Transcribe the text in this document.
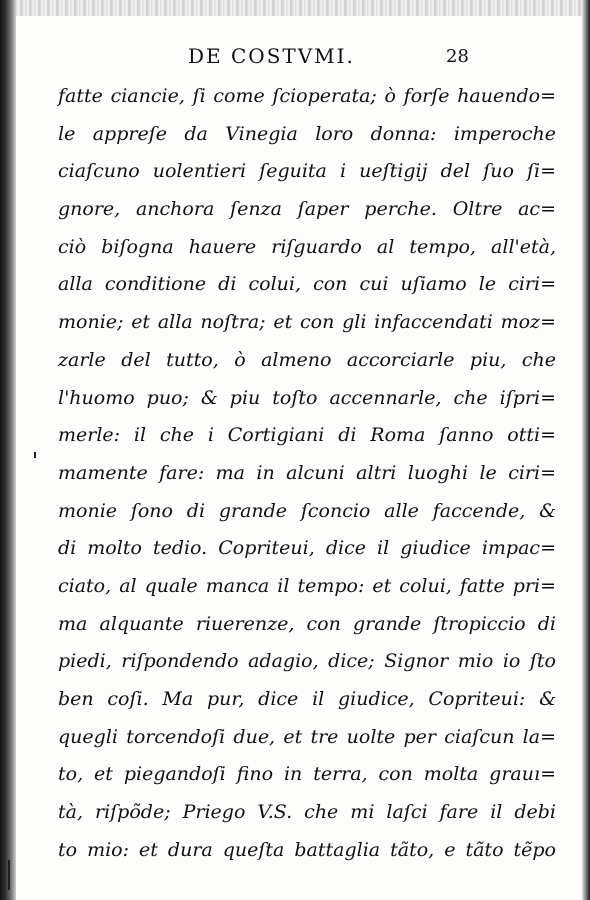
DE COSTVMI.	28
fatte ciancie, ſi come ſcioperata; ò forſe hauendo=
le appreſe da Vinegia loro donna: imperoche
ciaſcuno uolentieri ſeguita i ueſtigij del ſuo ſi=
gnore, anchora ſenza ſaper perche. Oltre ac=
ciò biſogna hauere riſguardo al tempo, all'età,
alla conditione di colui, con cui uſiamo le ciri=
monie; et alla noſtra; et con gli infaccendati moz=
zarle del tutto, ò almeno accorciarle piu, che
l'huomo puo; & piu toſto accennarle, che iſpri=
merle: il che i Cortigiani di Roma ſanno otti=
mamente fare: ma in alcuni altri luoghi le ciri=
monie ſono di grande ſconcio alle faccende, &
di molto tedio. Copriteui, dice il giudice impac=
ciato, al quale manca il tempo: et colui, fatte pri=
ma alquante riuerenze, con grande ſtropiccio di
piedi, riſpondendo adagio, dice; Signor mio io ſto
ben coſi. Ma pur, dice il giudice, Copriteui: &
quegli torcendoſi due, et tre uolte per ciaſcun la=
to, et piegandoſi fino in terra, con molta grauı=
tà, riſpõde; Priego V.S. che mi laſci fare il debi
to mio: et dura queſta battaglia tãto, e tãto tẽpo
